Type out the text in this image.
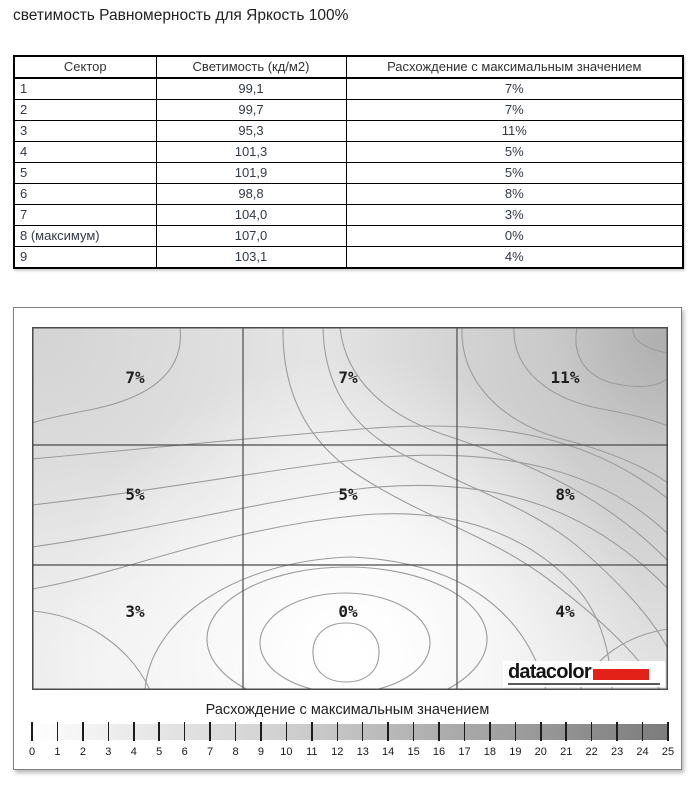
светимость Равномерность для Яркость 100%
Сектор	Светимость (кд/м2)	Расхождение с максимальным значением
1	99,1	7%
2	99,7	7%
3	95,3	11%
4	101,3	5%
5	101,9	5%
6	98,8	8%
7	104,0	3%
8 (максимум)	107,0	0%
9	103,1	4%
7%	7%	11%
5%	5%	8%
3%	0%	4%
datacolor
Расхождение с максимальным значением
0 1 2 3 4 5 6 7 8 9 10 11 12 13 14 15 16 17 18 19 20 21 22 23 24 25
